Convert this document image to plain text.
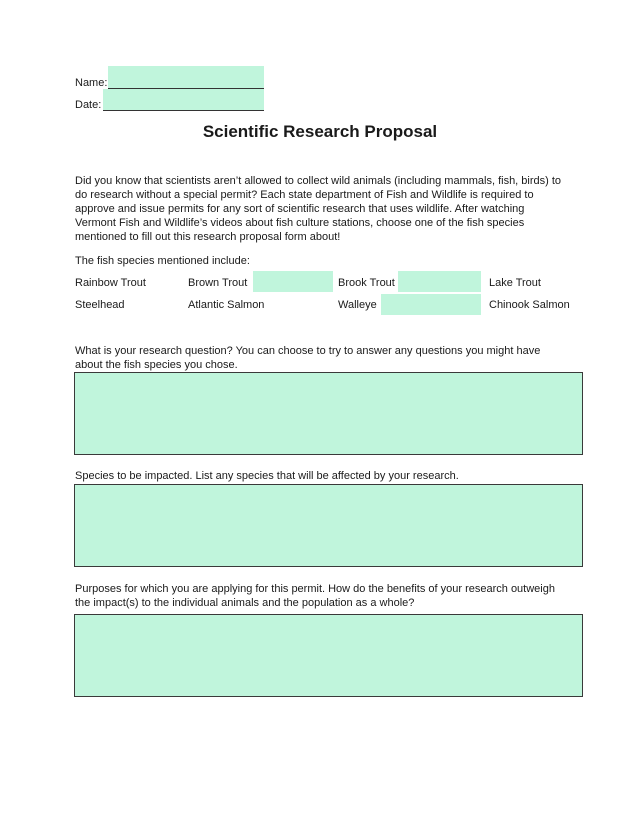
Name:
Date:
Scientific Research Proposal
Did you know that scientists aren’t allowed to collect wild animals (including mammals, fish, birds) to do research without a special permit? Each state department of Fish and Wildlife is required to approve and issue permits for any sort of scientific research that uses wildlife. After watching Vermont Fish and Wildlife’s videos about fish culture stations, choose one of the fish species mentioned to fill out this research proposal form about!
The fish species mentioned include:
Rainbow Trout	Brown Trout	Brook Trout	Lake Trout
Steelhead	Atlantic Salmon	Walleye	Chinook Salmon
What is your research question? You can choose to try to answer any questions you might have about the fish species you chose.
Species to be impacted. List any species that will be affected by your research.
Purposes for which you are applying for this permit. How do the benefits of your research outweigh the impact(s) to the individual animals and the population as a whole?
